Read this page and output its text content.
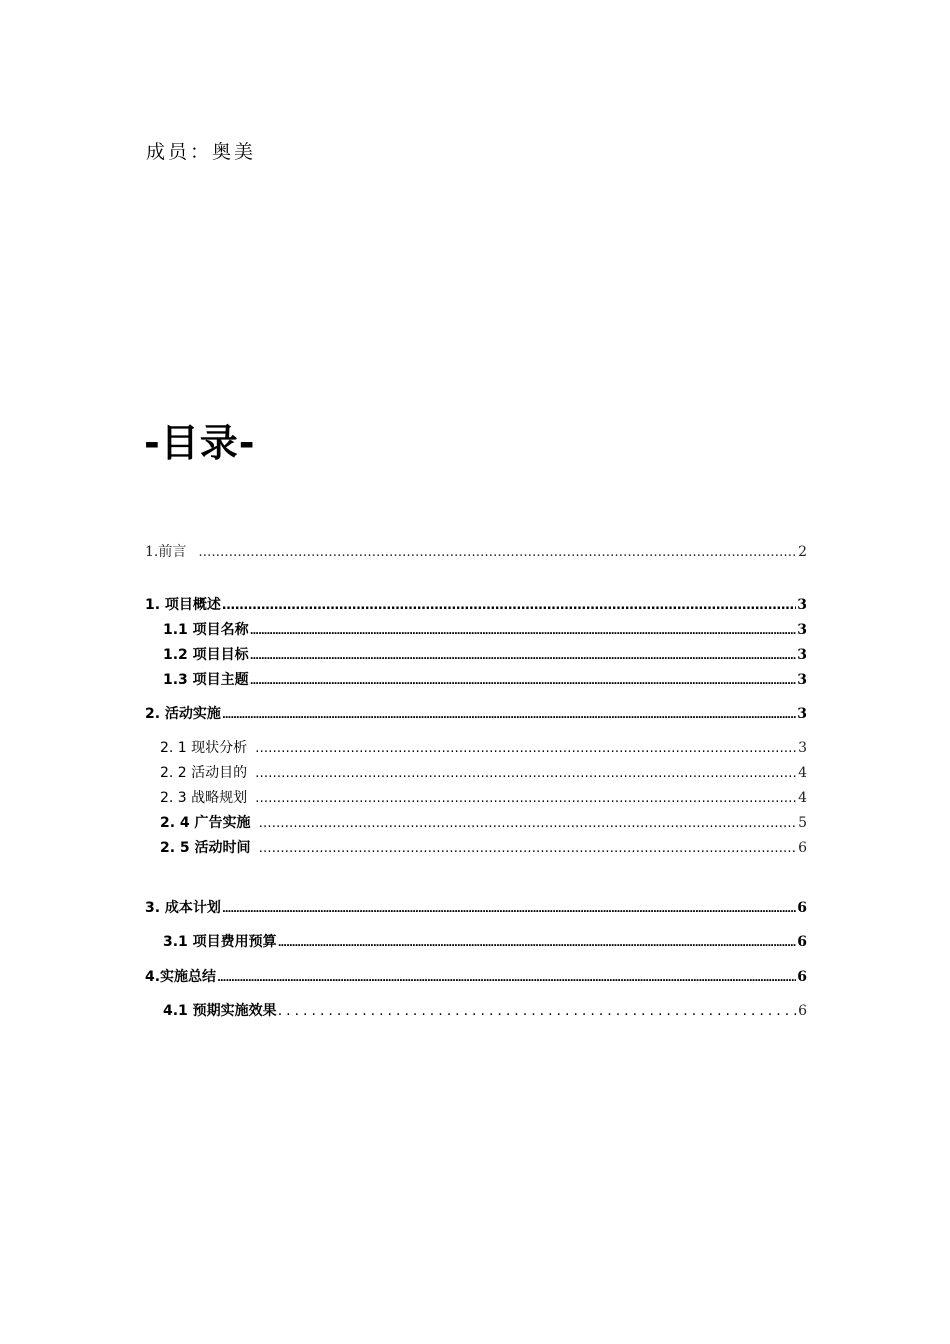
成员：奥美
-目录-
1.前言 …………………………………………………………………………………………………………………………………………………………………………………………………………	2
1. 项目概述 …………………………………………………………………………………………………………………………………………………………………………………………………………	3
1.1 项目名称 .....	3
1.2 项目目标 .....	3
1.3 项目主题 .....	3
2. 活动实施 .....	3
2. 1 现状分析 …………………………………………………………………………………………………………………………………………………………………………………………………………	3
2. 2 活动目的 …………………………………………………………………………………………………………………………………………………………………………………………………………	4
2. 3 战略规划 …………………………………………………………………………………………………………………………………………………………………………………………………………	4
2. 4 广告实施 …………………………………………………………………………………………………………………………………………………………………………………………………………	5
2. 5 活动时间 …………………………………………………………………………………………………………………………………………………………………………………………………………	6
3. 成本计划 .....	6
3.1 项目费用预算 .....	6
4.实施总结 .....	6
4.1 预期实施效果 .....	6
